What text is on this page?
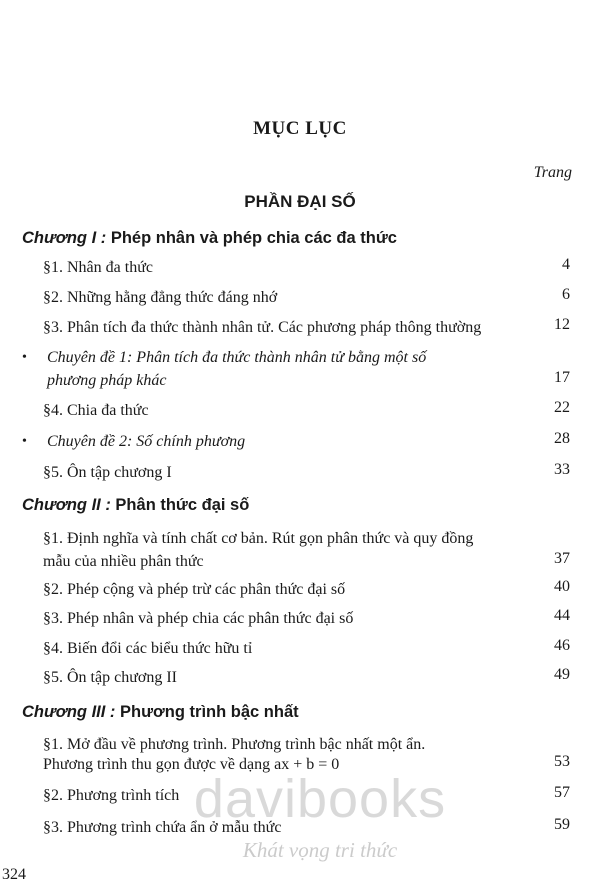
MỤC LỤC
Trang
PHẦN ĐẠI SỐ
Chương I : Phép nhân và phép chia các đa thức
§1. Nhân đa thức	4
§2. Những hằng đẳng thức đáng nhớ	6
§3. Phân tích đa thức thành nhân tử. Các phương pháp thông thường	12
• Chuyên đề 1: Phân tích đa thức thành nhân tử bằng một số
phương pháp khác	17
§4. Chia đa thức	22
• Chuyên đề 2: Số chính phương	28
§5. Ôn tập chương I	33
Chương II : Phân thức đại số
§1. Định nghĩa và tính chất cơ bản. Rút gọn phân thức và quy đồng
mẫu của nhiều phân thức	37
§2. Phép cộng và phép trừ các phân thức đại số	40
§3. Phép nhân và phép chia các phân thức đại số	44
§4. Biến đổi các biểu thức hữu tỉ	46
§5. Ôn tập chương II	49
Chương III : Phương trình bậc nhất
§1. Mở đầu về phương trình. Phương trình bậc nhất một ẩn.
Phương trình thu gọn được về dạng ax + b = 0	53
§2. Phương trình tích	57
§3. Phương trình chứa ẩn ở mẫu thức	59
davibooks
Khát vọng tri thức
324
